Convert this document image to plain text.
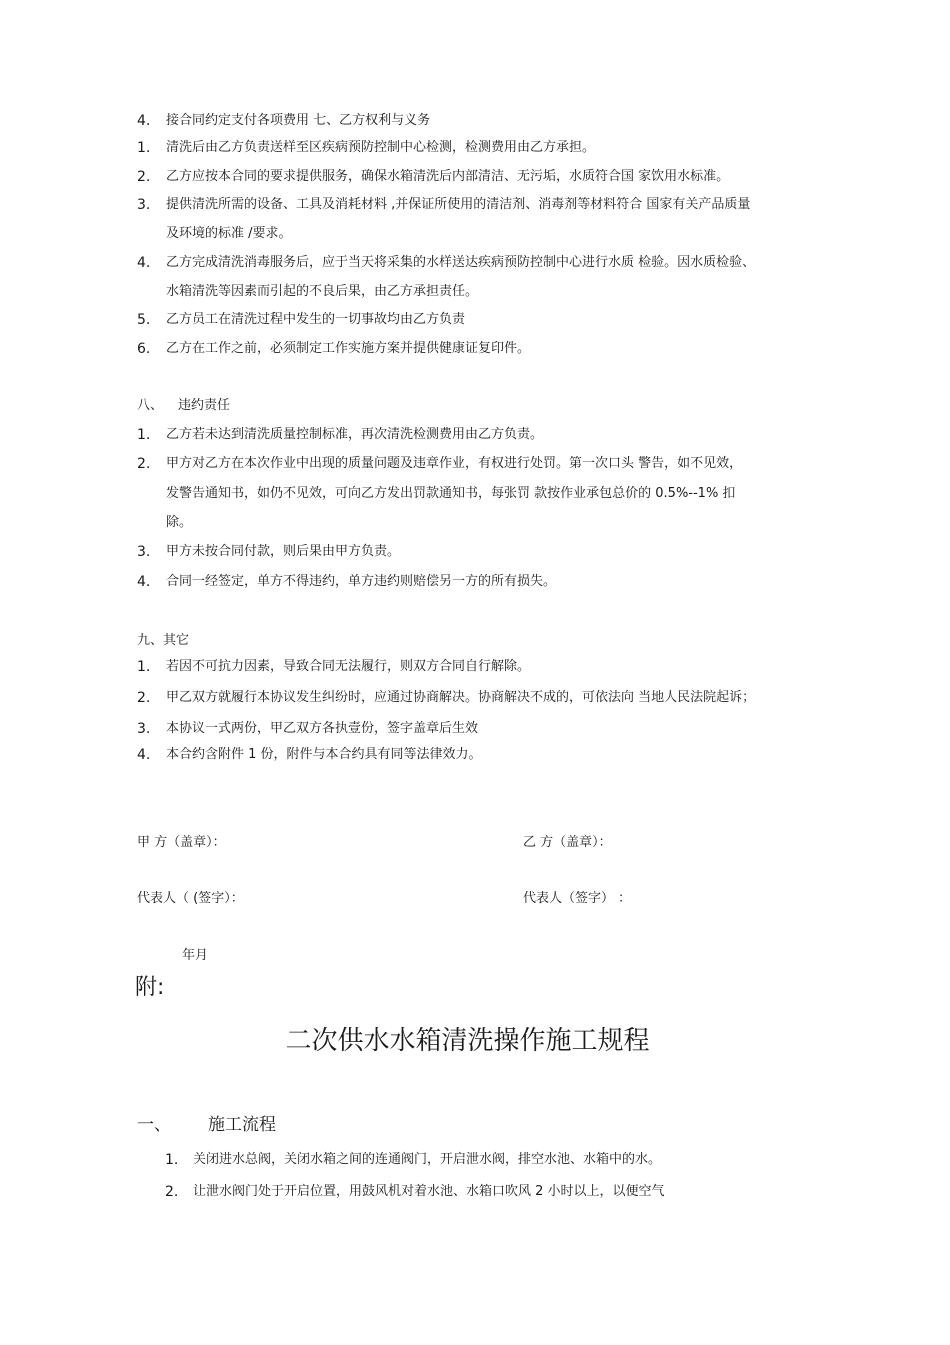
4. 接合同约定支付各项费用 七、乙方权利与义务
1. 清洗后由乙方负责送样至区疾病预防控制中心检测，检测费用由乙方承担。
2. 乙方应按本合同的要求提供服务，确保水箱清洗后内部清洁、无污垢，水质符合国 家饮用水标准。
3. 提供清洗所需的设备、工具及消耗材料 ,并保证所使用的清洁剂、消毒剂等材料符合 国家有关产品质量
及环境的标准 /要求。
4. 乙方完成清洗消毒服务后，应于当天将采集的水样送达疾病预防控制中心进行水质 检验。因水质检验、
水箱清洗等因素而引起的不良后果，由乙方承担责任。
5. 乙方员工在清洗过程中发生的一切事故均由乙方负责
6. 乙方在工作之前，必须制定工作实施方案并提供健康证复印件。
八、 违约责任
1. 乙方若未达到清洗质量控制标准，再次清洗检测费用由乙方负责。
2. 甲方对乙方在本次作业中出现的质量问题及违章作业，有权进行处罚。第一次口头 警告，如不见效，
发警告通知书，如仍不见效，可向乙方发出罚款通知书，每张罚 款按作业承包总价的 0.5%--1% 扣
除。
3. 甲方未按合同付款，则后果由甲方负责。
4. 合同一经签定，单方不得违约，单方违约则赔偿另一方的所有损失。
九、其它
1. 若因不可抗力因素，导致合同无法履行，则双方合同自行解除。
2. 甲乙双方就履行本协议发生纠纷时，应通过协商解决。协商解决不成的，可依法向 当地人民法院起诉；
3. 本协议一式两份，甲乙双方各执壹份，签字盖章后生效
4. 本合约含附件 1 份，附件与本合约具有同等法律效力。
甲 方（盖章）：	乙 方（盖章）：
代表人（ (签字）：	代表人（签字） ：
年月
附:
二次供水水箱清洗操作施工规程
一、 施工流程
1. 关闭进水总阀，关闭水箱之间的连通阀门，开启泄水阀，排空水池、水箱中的水。
2. 让泄水阀门处于开启位置，用鼓风机对着水池、水箱口吹风 2 小时以上，以便空气
